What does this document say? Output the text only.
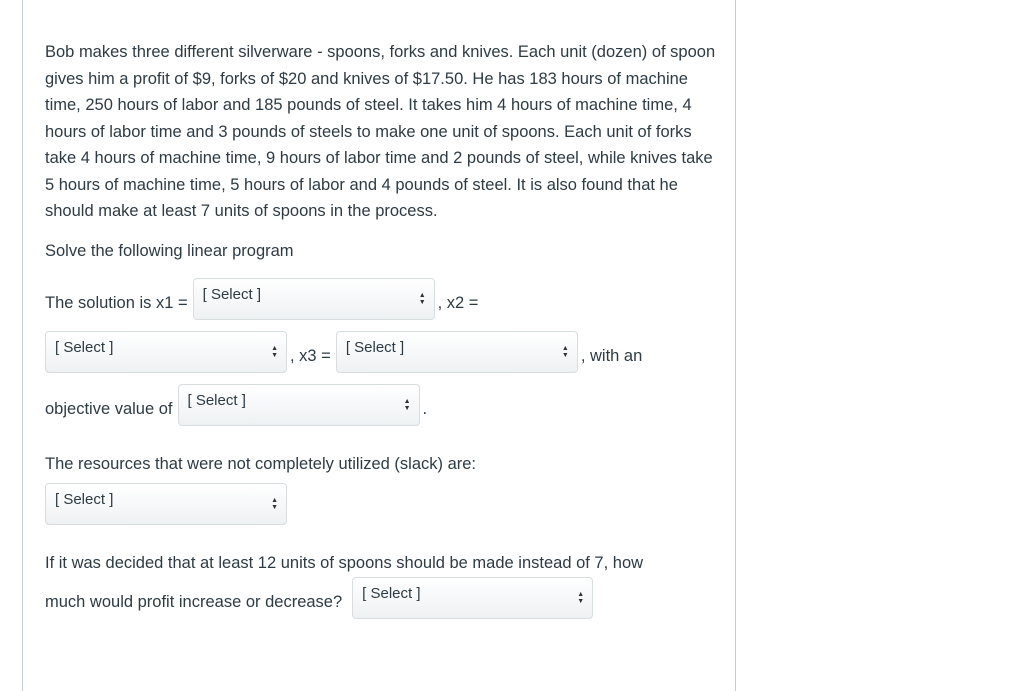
Bob makes three different silverware - spoons, forks and knives. Each unit (dozen) of spoon gives him a profit of $9, forks of $20 and knives of $17.50. He has 183 hours of machine time, 250 hours of labor and 185 pounds of steel. It takes him 4 hours of machine time, 4 hours of labor time and 3 pounds of steels to make one unit of spoons. Each unit of forks take 4 hours of machine time, 9 hours of labor time and 2 pounds of steel, while knives take 5 hours of machine time, 5 hours of labor and 4 pounds of steel. It is also found that he should make at least 7 units of spoons in the process.

Solve the following linear program

The solution is x1 = [ Select ]	▲
▼ , x2 =
[ Select ]	▲
▼ , x3 = [ Select ]	▲
▼ , with an
objective value of [ Select ]	▲
▼ .

The resources that were not completely utilized (slack) are:

[ Select ]	▲
▼

If it was decided that at least 12 units of spoons should be made instead of 7, how

much would profit increase or decrease? [ Select ]	▲
▼
